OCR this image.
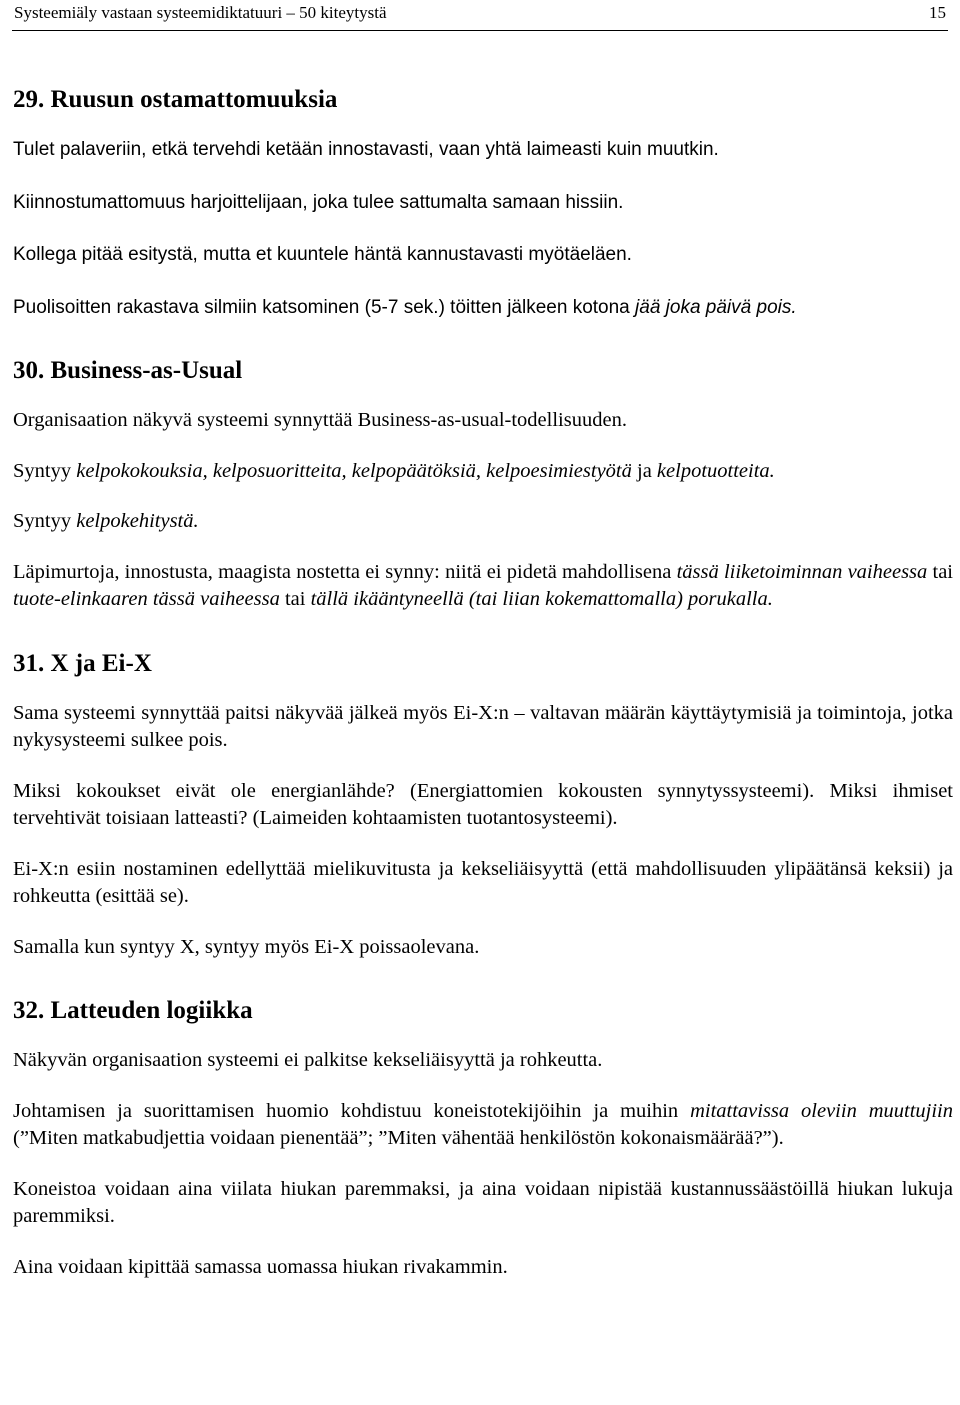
Systeemiäly vastaan systeemidiktatuuri – 50 kiteytystä	15
29. Ruusun ostamattomuuksia

Tulet palaveriin, etkä tervehdi ketään innostavasti, vaan yhtä laimeasti kuin muutkin.

Kiinnostumattomuus harjoittelijaan, joka tulee sattumalta samaan hissiin.

Kollega pitää esitystä, mutta et kuuntele häntä kannustavasti myötäeläen.

Puolisoitten rakastava silmiin katsominen (5-7 sek.) töitten jälkeen kotona jää joka päivä pois.

30. Business-as-Usual

Organisaation näkyvä systeemi synnyttää Business-as-usual-todellisuuden.

Syntyy kelpokokouksia, kelposuoritteita, kelpopäätöksiä, kelpoesimiestyötä ja kelpotuotteita.

Syntyy kelpokehitystä.

Läpimurtoja, innostusta, maagista nostetta ei synny: niitä ei pidetä mahdollisena tässä liiketoiminnan vaiheessa tai tuote-elinkaaren tässä vaiheessa tai tällä ikääntyneellä (tai liian kokemattomalla) porukalla.

31. X ja Ei-X

Sama systeemi synnyttää paitsi näkyvää jälkeä myös Ei-X:n – valtavan määrän käyttäytymisiä ja toimintoja, jotka nykysysteemi sulkee pois.

Miksi kokoukset eivät ole energianlähde? (Energiattomien kokousten synnytyssysteemi). Miksi ihmiset tervehtivät toisiaan latteasti? (Laimeiden kohtaamisten tuotantosysteemi).

Ei-X:n esiin nostaminen edellyttää mielikuvitusta ja kekseliäisyyttä (että mahdollisuuden ylipäätänsä keksii) ja rohkeutta (esittää se).

Samalla kun syntyy X, syntyy myös Ei-X poissaolevana.

32. Latteuden logiikka

Näkyvän organisaation systeemi ei palkitse kekseliäisyyttä ja rohkeutta.

Johtamisen ja suorittamisen huomio kohdistuu koneistotekijöihin ja muihin mitattavissa oleviin muuttujiin (”Miten matkabudjettia voidaan pienentää”; ”Miten vähentää henkilöstön kokonaismäärää?”).

Koneistoa voidaan aina viilata hiukan paremmaksi, ja aina voidaan nipistää kustannussäästöillä hiukan lukuja paremmiksi.

Aina voidaan kipittää samassa uomassa hiukan rivakammin.
